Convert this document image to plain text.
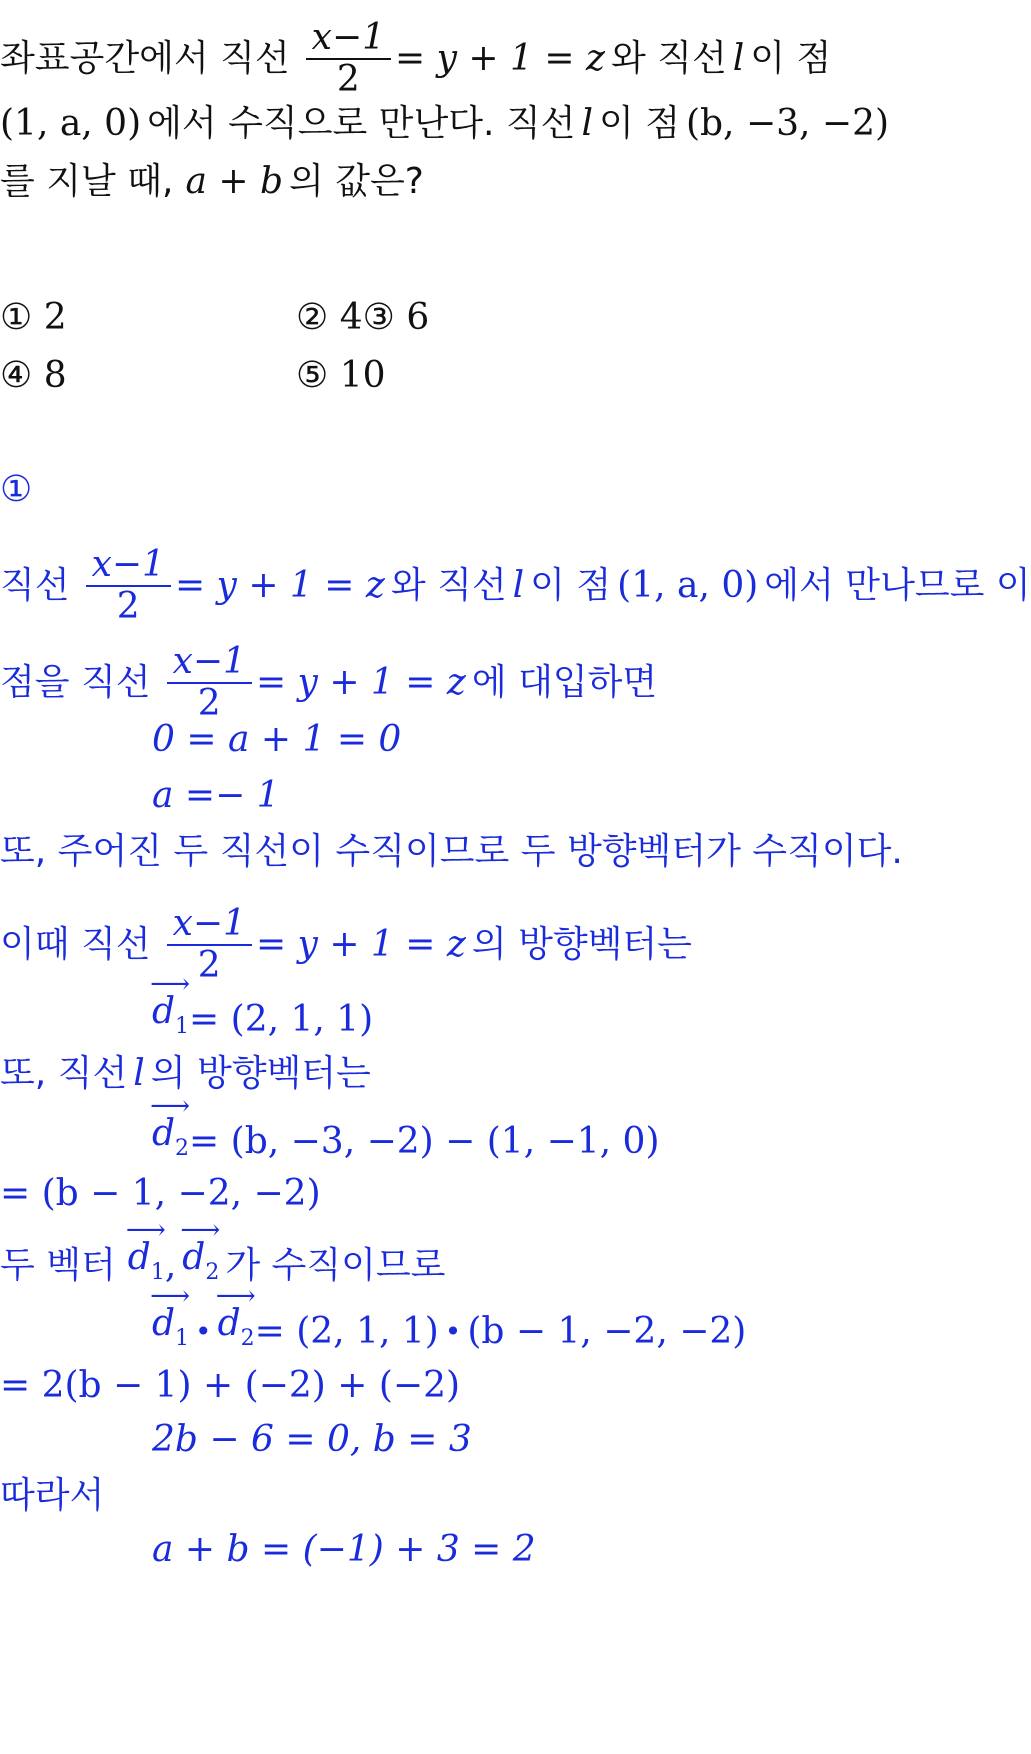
좌표공간에서 직선 $\frac{x-1}{2} = y + 1 = z$ 와 직선 l 이 점
(1, a, 0) 에서 수직으로 만난다. 직선 l 이 점 (b, −3, −2)
를 지날 때, a + b 의 값은?
①
2	② 4 ③ 6
④
8	⑤
10
①
직선 $\frac{x-1}{2} = y + 1 = z$ 와 직선 l 이 점 (1, a, 0) 에서 만나므로 이
점을 직선 $\frac{x-1}{2} = y + 1 = z$ 에 대입하면
0 = a + 1 = 0
a =− 1
또, 주어진 두 직선이 수직이므로 두 방향벡터가 수직이다.
이때 직선 $\frac{x-1}{2} = y + 1 = z$ 의 방향벡터는
⟶ $d_1 = (2$, 1, 1)
또, 직선 l 의 방향벡터는
⟶ $d_2 = (b$, −3, −2) − (1, −1, 0)
= (b − 1, −2, −2)
두 벡터 ⟶ $d_1$ , ⟶ $d_2$ 가 수직이므로
⟶ $d_1$ • ⟶ $d_2 = (2$, 1, 1) • (b − 1, −2, −2)
= 2(b − 1) + (−2) + (−2)
2b − 6 = 0, b = 3
따라서
a + b = (−1) + 3 = 2
